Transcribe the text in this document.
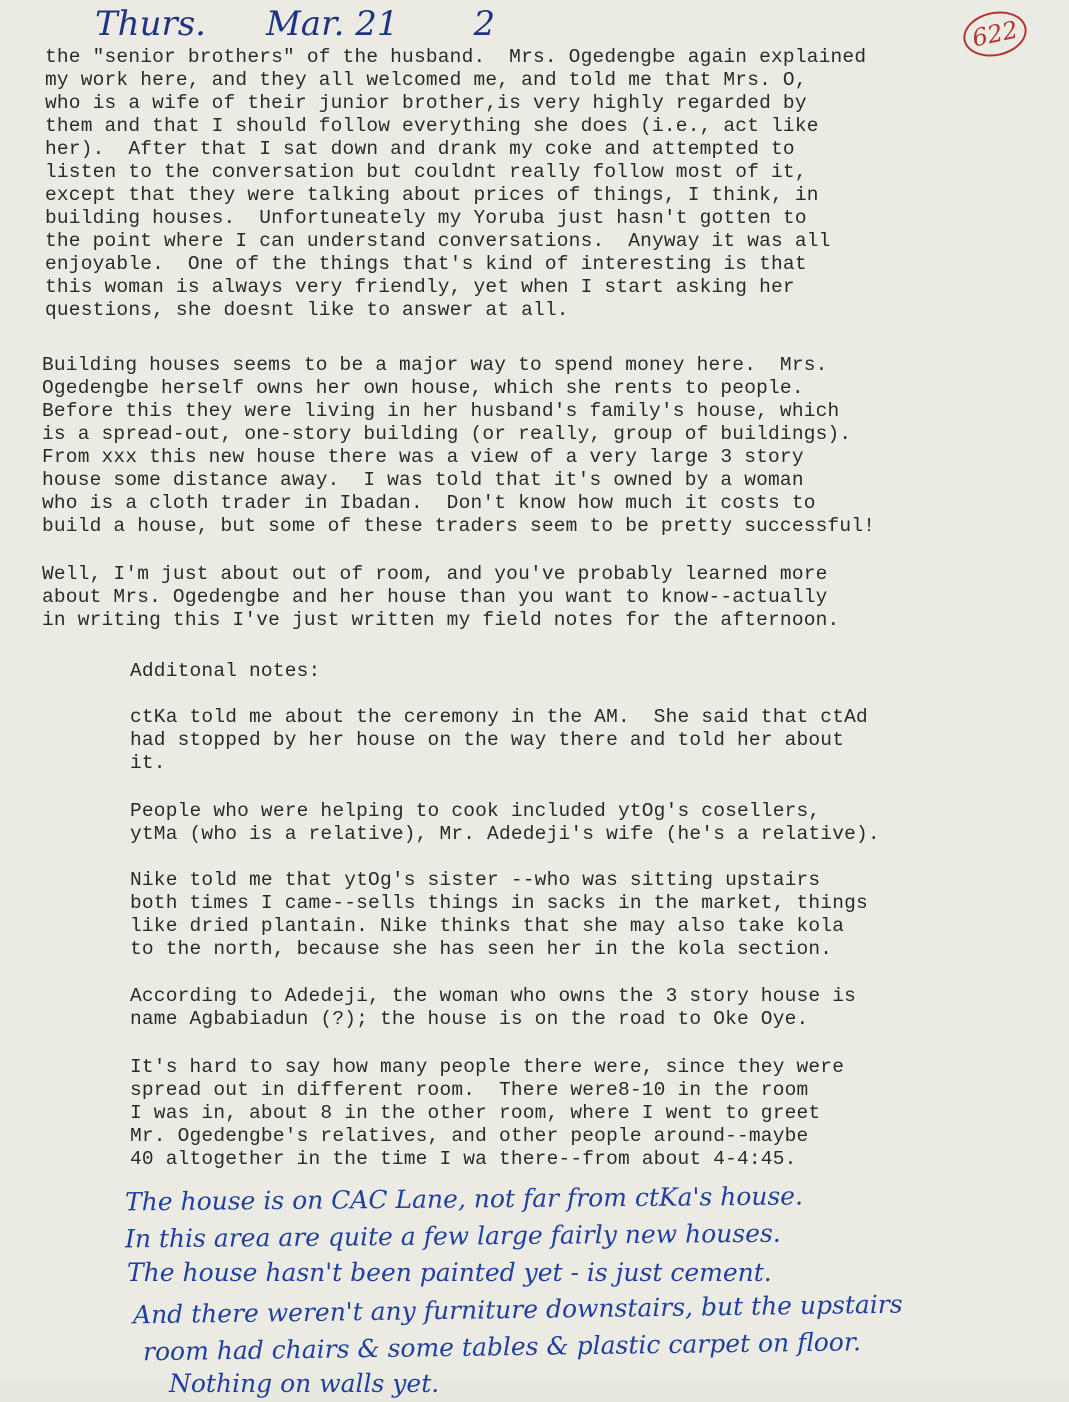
Thurs. Mar. 21 2	622
the "senior brothers" of the husband.  Mrs. Ogedengbe again explained
my work here, and they all welcomed me, and told me that Mrs. O,
who is a wife of their junior brother,is very highly regarded by
them and that I should follow everything she does (i.e., act like
her).  After that I sat down and drank my coke and attempted to
listen to the conversation but couldnt really follow most of it,
except that they were talking about prices of things, I think, in
building houses.  Unfortuneately my Yoruba just hasn't gotten to
the point where I can understand conversations.  Anyway it was all
enjoyable.  One of the things that's kind of interesting is that
this woman is always very friendly, yet when I start asking her
questions, she doesnt like to answer at all.
Building houses seems to be a major way to spend money here.  Mrs.
Ogedengbe herself owns her own house, which she rents to people.
Before this they were living in her husband's family's house, which
is a spread-out, one-story building (or really, group of buildings).
From xxx this new house there was a view of a very large 3 story
house some distance away.  I was told that it's owned by a woman
who is a cloth trader in Ibadan.  Don't know how much it costs to
build a house, but some of these traders seem to be pretty successful!
Well, I'm just about out of room, and you've probably learned more
about Mrs. Ogedengbe and her house than you want to know--actually
in writing this I've just written my field notes for the afternoon.
Additonal notes:
ctKa told me about the ceremony in the AM.  She said that ctAd
had stopped by her house on the way there and told her about
it.
People who were helping to cook included ytOg's cosellers,
ytMa (who is a relative), Mr. Adedeji's wife (he's a relative).
Nike told me that ytOg's sister --who was sitting upstairs
both times I came--sells things in sacks in the market, things
like dried plantain. Nike thinks that she may also take kola
to the north, because she has seen her in the kola section.
According to Adedeji, the woman who owns the 3 story house is
name Agbabiadun (?); the house is on the road to Oke Oye.
It's hard to say how many people there were, since they were
spread out in different room.  There were8-10 in the room
I was in, about 8 in the other room, where I went to greet
Mr. Ogedengbe's relatives, and other people around--maybe
40 altogether in the time I wa there--from about 4-4:45.
The house is on CAC Lane, not far from ctKa's house.
In this area are quite a few large fairly new houses.
The house hasn't been painted yet - is just cement.
And there weren't any furniture downstairs, but the upstairs
room had chairs & some tables & plastic carpet on floor.
Nothing on walls yet.
